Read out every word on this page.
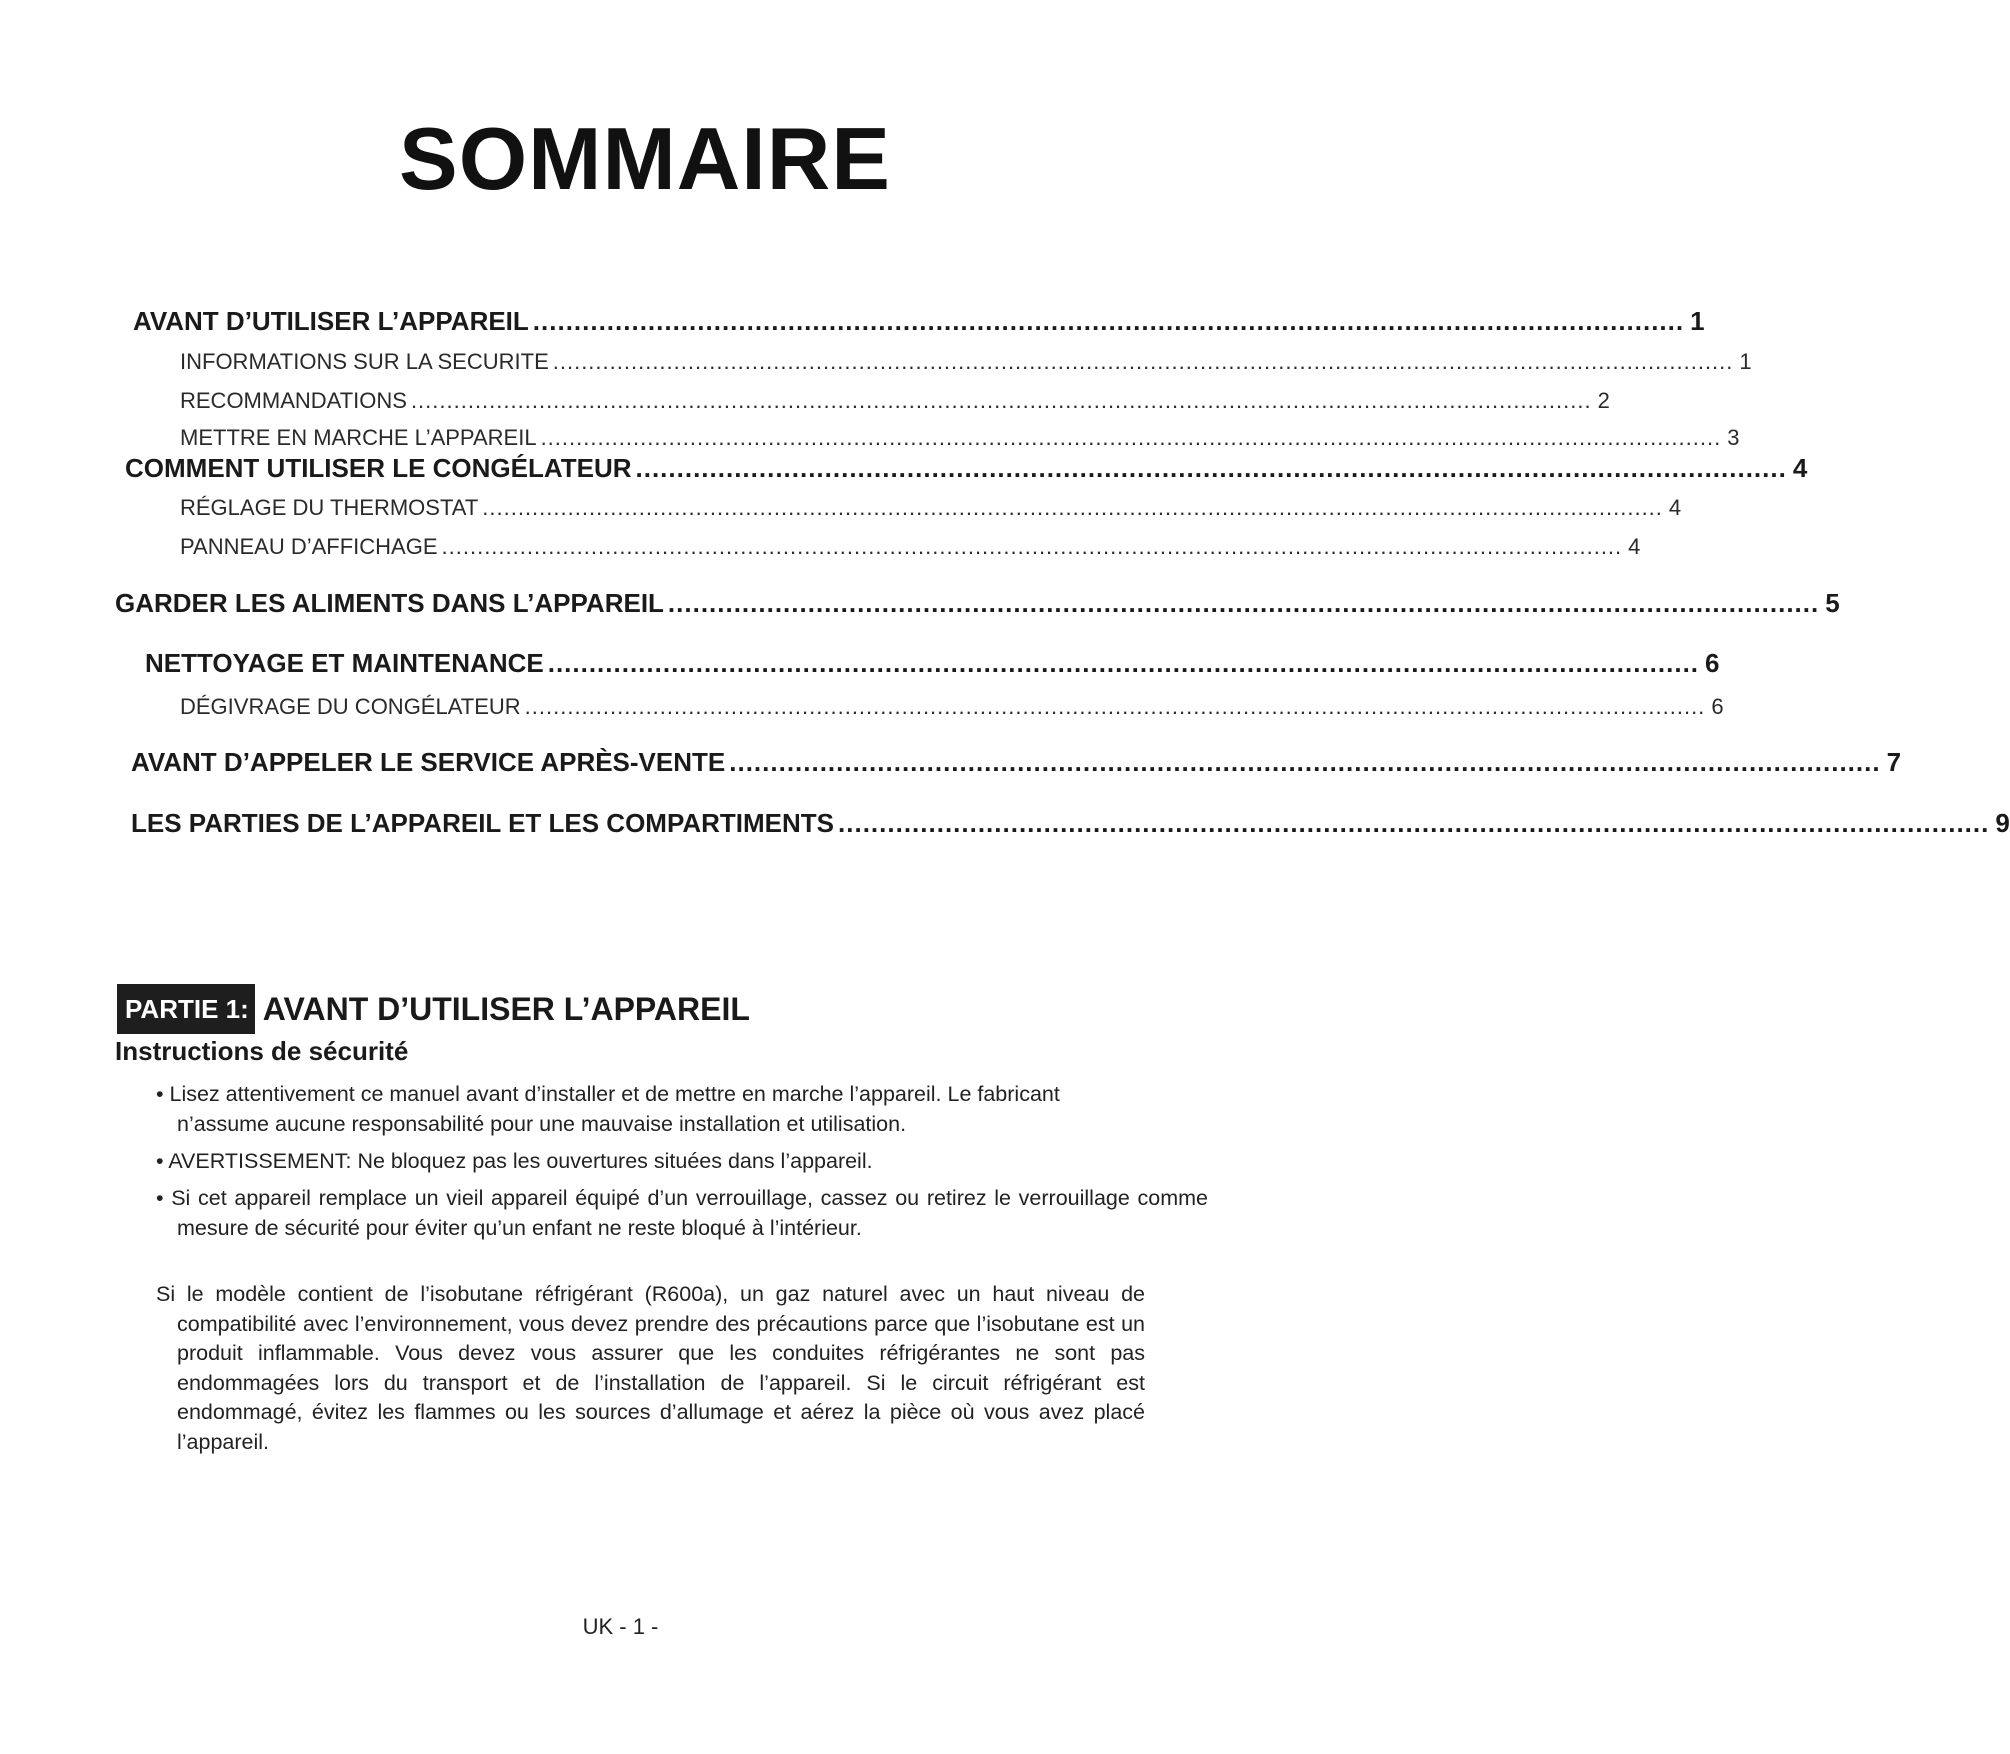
SOMMAIRE
AVANT D’UTILISER L’APPAREIL ............................................................................................................................................ 1
INFORMATIONS SUR LA SECURITE ...................................................................................................................................................................... 1
RECOMMANDATIONS ...................................................................................................................................................................... 2
METTRE EN MARCHE L’APPAREIL ...................................................................................................................................................................... 3
COMMENT UTILISER LE CONGÉLATEUR ............................................................................................................................................ 4
RÉGLAGE DU THERMOSTAT ...................................................................................................................................................................... 4
PANNEAU D’AFFICHAGE ...................................................................................................................................................................... 4
GARDER LES ALIMENTS DANS L’APPAREIL ............................................................................................................................................ 5
NETTOYAGE ET MAINTENANCE ............................................................................................................................................ 6
DÉGIVRAGE DU CONGÉLATEUR ...................................................................................................................................................................... 6
AVANT D’APPELER LE SERVICE APRÈS-VENTE ............................................................................................................................................ 7
LES PARTIES DE L’APPAREIL ET LES COMPARTIMENTS ............................................................................................................................................ 9
PARTIE 1: AVANT D’UTILISER L’APPAREIL
Instructions de sécurité
• Lisez attentivement ce manuel avant d’installer et de mettre en marche l’appareil. Le fabricant n’assume aucune responsabilité pour une mauvaise installation et utilisation.
• AVERTISSEMENT: Ne bloquez pas les ouvertures situées dans l’appareil.
• Si cet appareil remplace un vieil appareil équipé d’un verrouillage, cassez ou retirez le verrouillage comme mesure de sécurité pour éviter qu’un enfant ne reste bloqué à l’intérieur.
Si le modèle contient de l’isobutane réfrigérant (R600a), un gaz naturel avec un haut niveau de compatibilité avec l’environnement, vous devez prendre des précautions parce que l’isobutane est un produit inflammable. Vous devez vous assurer que les conduites réfrigérantes ne sont pas endommagées lors du transport et de l’installation de l’appareil. Si le circuit réfrigérant est endommagé, évitez les flammes ou les sources d’allumage et aérez la pièce où vous avez placé l’appareil.
UK - 1 -
